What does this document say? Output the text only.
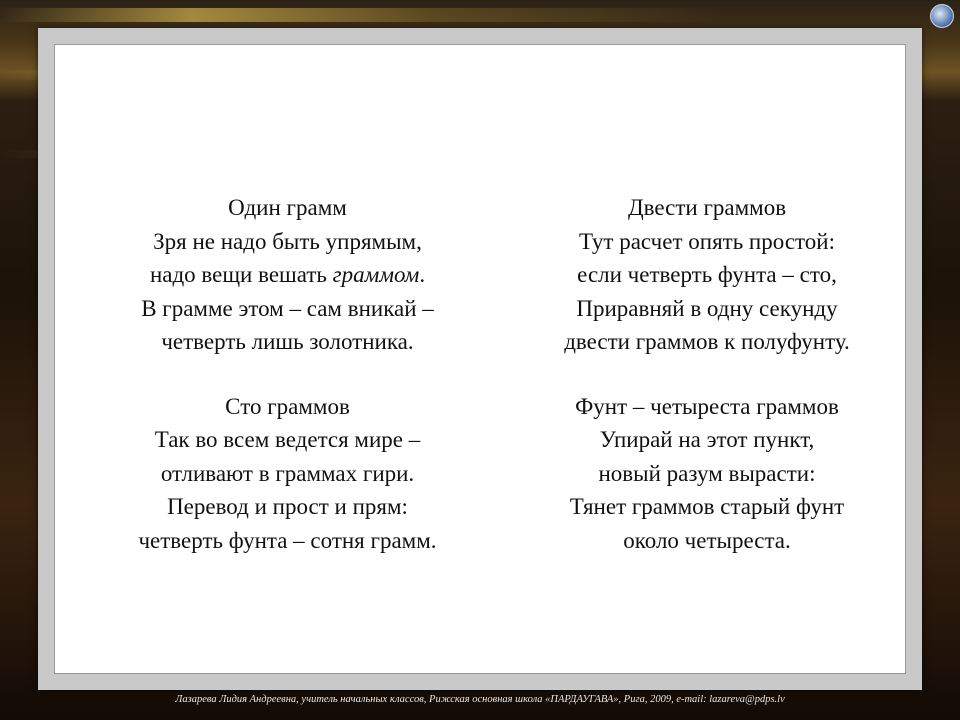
Один грамм
Зря не надо быть упрямым,
надо вещи вешать граммом.
В грамме этом – сам вникай –
четверть лишь золотника.
Сто граммов
Так во всем ведется мире –
отливают в граммах гири.
Перевод и прост и прям:
четверть фунта – сотня грамм.
Двести граммов
Тут расчет опять простой:
если четверть фунта – сто,
Приравняй в одну секунду
двести граммов к полуфунту.
Фунт – четыреста граммов
Упирай на этот пункт,
новый разум вырасти:
Тянет граммов старый фунт
около четыреста.
Лазарева Лидия Андреевна, учитель начальных классов, Рижская основная школа «ПАРДАУГАВА», Рига, 2009, e-mail: lazareva@pdps.lv
